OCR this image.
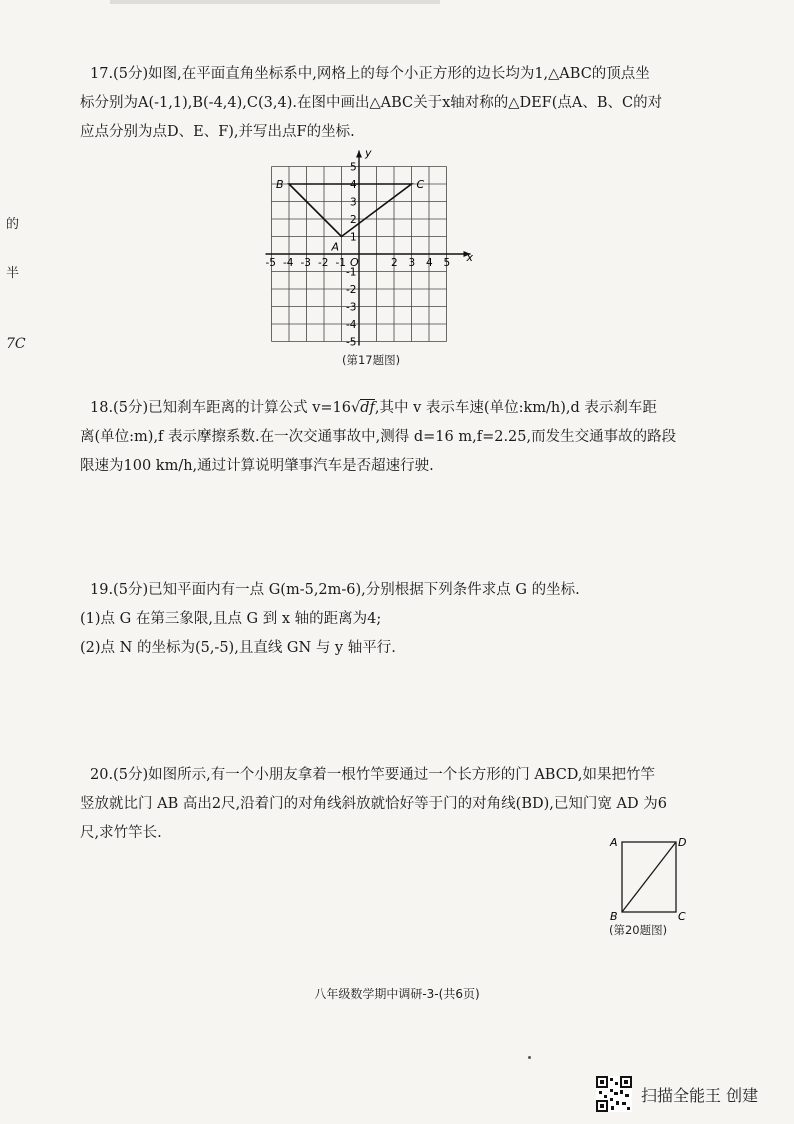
的
半
7C

17.(5分)如图,在平面直角坐标系中,网格上的每个小正方形的边长均为1,△ABC的顶点坐

标分别为A(-1,1),B(-4,4),C(3,4).在图中画出△ABC关于x轴对称的△DEF(点A、B、C的对

应点分别为点D、E、F),并写出点F的坐标.

A
B	C
x
y
O
-5 -4 -3 -2 -1	2 3 4 5
5
4
3
2
1
-1
-2
-3
-4
-5
(第17题图)

18.(5分)已知刹车距离的计算公式 v=16√df,其中 v 表示车速(单位:km/h),d 表示刹车距

离(单位:m),f 表示摩擦系数.在一次交通事故中,测得 d=16 m,f=2.25,而发生交通事故的路段

限速为100 km/h,通过计算说明肇事汽车是否超速行驶.

19.(5分)已知平面内有一点 G(m-5,2m-6),分别根据下列条件求点 G 的坐标.

(1)点 G 在第三象限,且点 G 到 x 轴的距离为4;

(2)点 N 的坐标为(5,-5),且直线 GN 与 y 轴平行.

20.(5分)如图所示,有一个小朋友拿着一根竹竿要通过一个长方形的门 ABCD,如果把竹竿

竖放就比门 AB 高出2尺,沿着门的对角线斜放就恰好等于门的对角线(BD),已知门宽 AD 为6

尺,求竹竿长.

A	D
B	C
(第20题图)
八年级数学期中调研-3-(共6页)
扫描全能王 创建
